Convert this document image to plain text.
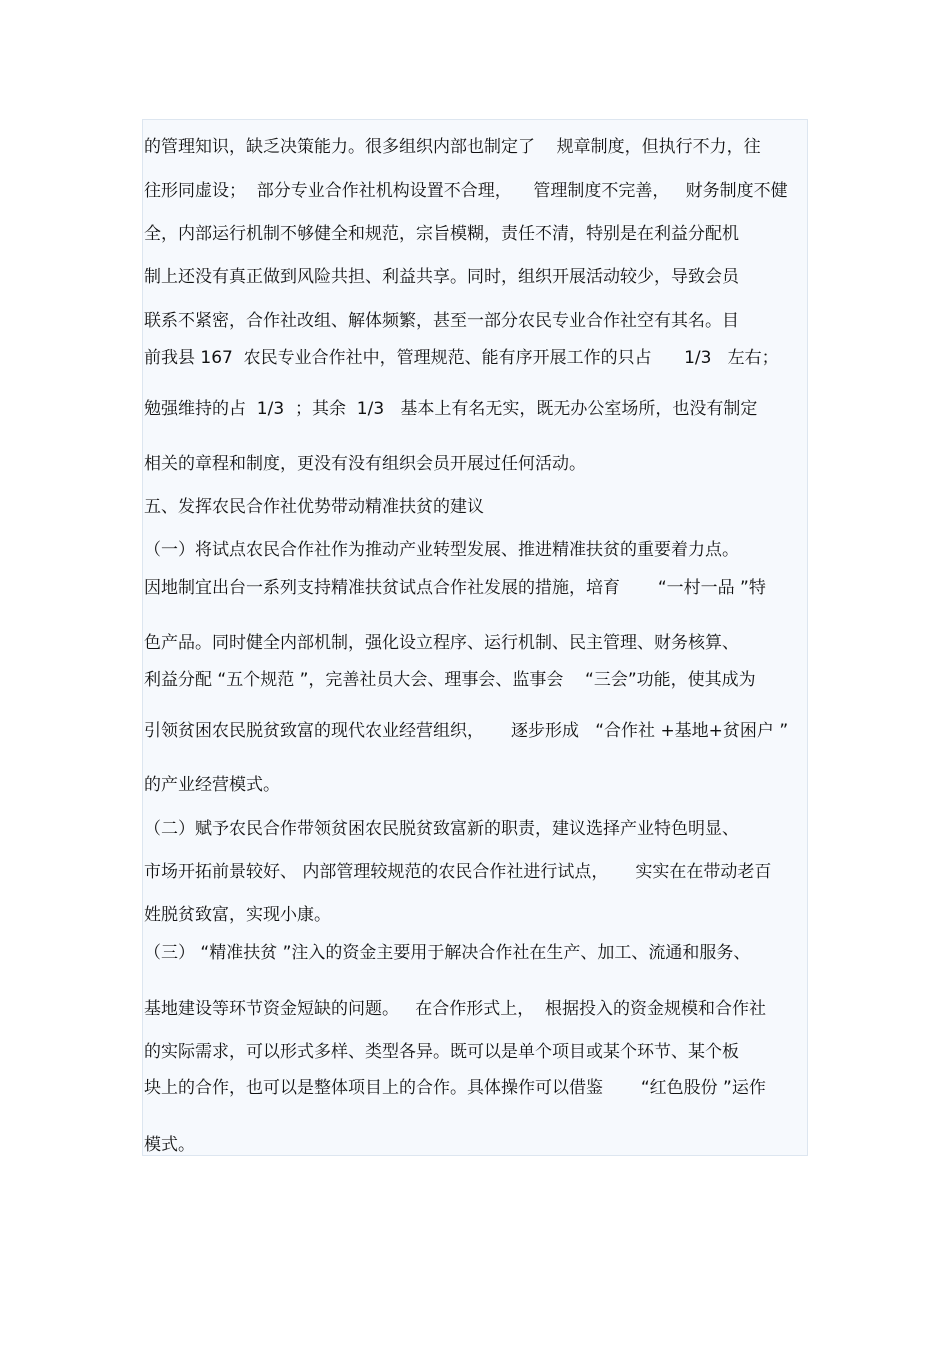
的管理知识，缺乏决策能力。很多组织内部也制定了    规章制度，但执行不力，往
往形同虚设；  部分专业合作社机构设置不合理，    管理制度不完善，   财务制度不健
全，内部运行机制不够健全和规范，宗旨模糊，责任不清，特别是在利益分配机
制上还没有真正做到风险共担、利益共享。同时，组织开展活动较少，导致会员
联系不紧密，合作社改组、解体频繁，甚至一部分农民专业合作社空有其名。目
前我县 167  农民专业合作社中，管理规范、能有序开展工作的只占      1/3   左右；
勉强维持的占  1/3  ；其余  1/3   基本上有名无实，既无办公室场所，也没有制定
相关的章程和制度，更没有没有组织会员开展过任何活动。
五、发挥农民合作社优势带动精准扶贫的建议
（一）将试点农民合作社作为推动产业转型发展、推进精准扶贫的重要着力点。
因地制宜出台一系列支持精准扶贫试点合作社发展的措施，培育       “一村一品 ”特
色产品。同时健全内部机制，强化设立程序、运行机制、民主管理、财务核算、
利益分配 “五个规范 ”，完善社员大会、理事会、监事会    “三会”功能，使其成为
引领贫困农民脱贫致富的现代农业经营组织，     逐步形成   “合作社 +基地+贫困户 ”
的产业经营模式。
（二）赋予农民合作带领贫困农民脱贫致富新的职责，建议选择产业特色明显、
市场开拓前景较好、 内部管理较规范的农民合作社进行试点，     实实在在带动老百
姓脱贫致富，实现小康。
（三） “精准扶贫 ”注入的资金主要用于解决合作社在生产、加工、流通和服务、
基地建设等环节资金短缺的问题。   在合作形式上，  根据投入的资金规模和合作社
的实际需求，可以形式多样、类型各异。既可以是单个项目或某个环节、某个板
块上的合作，也可以是整体项目上的合作。具体操作可以借鉴       “红色股份 ”运作
模式。
